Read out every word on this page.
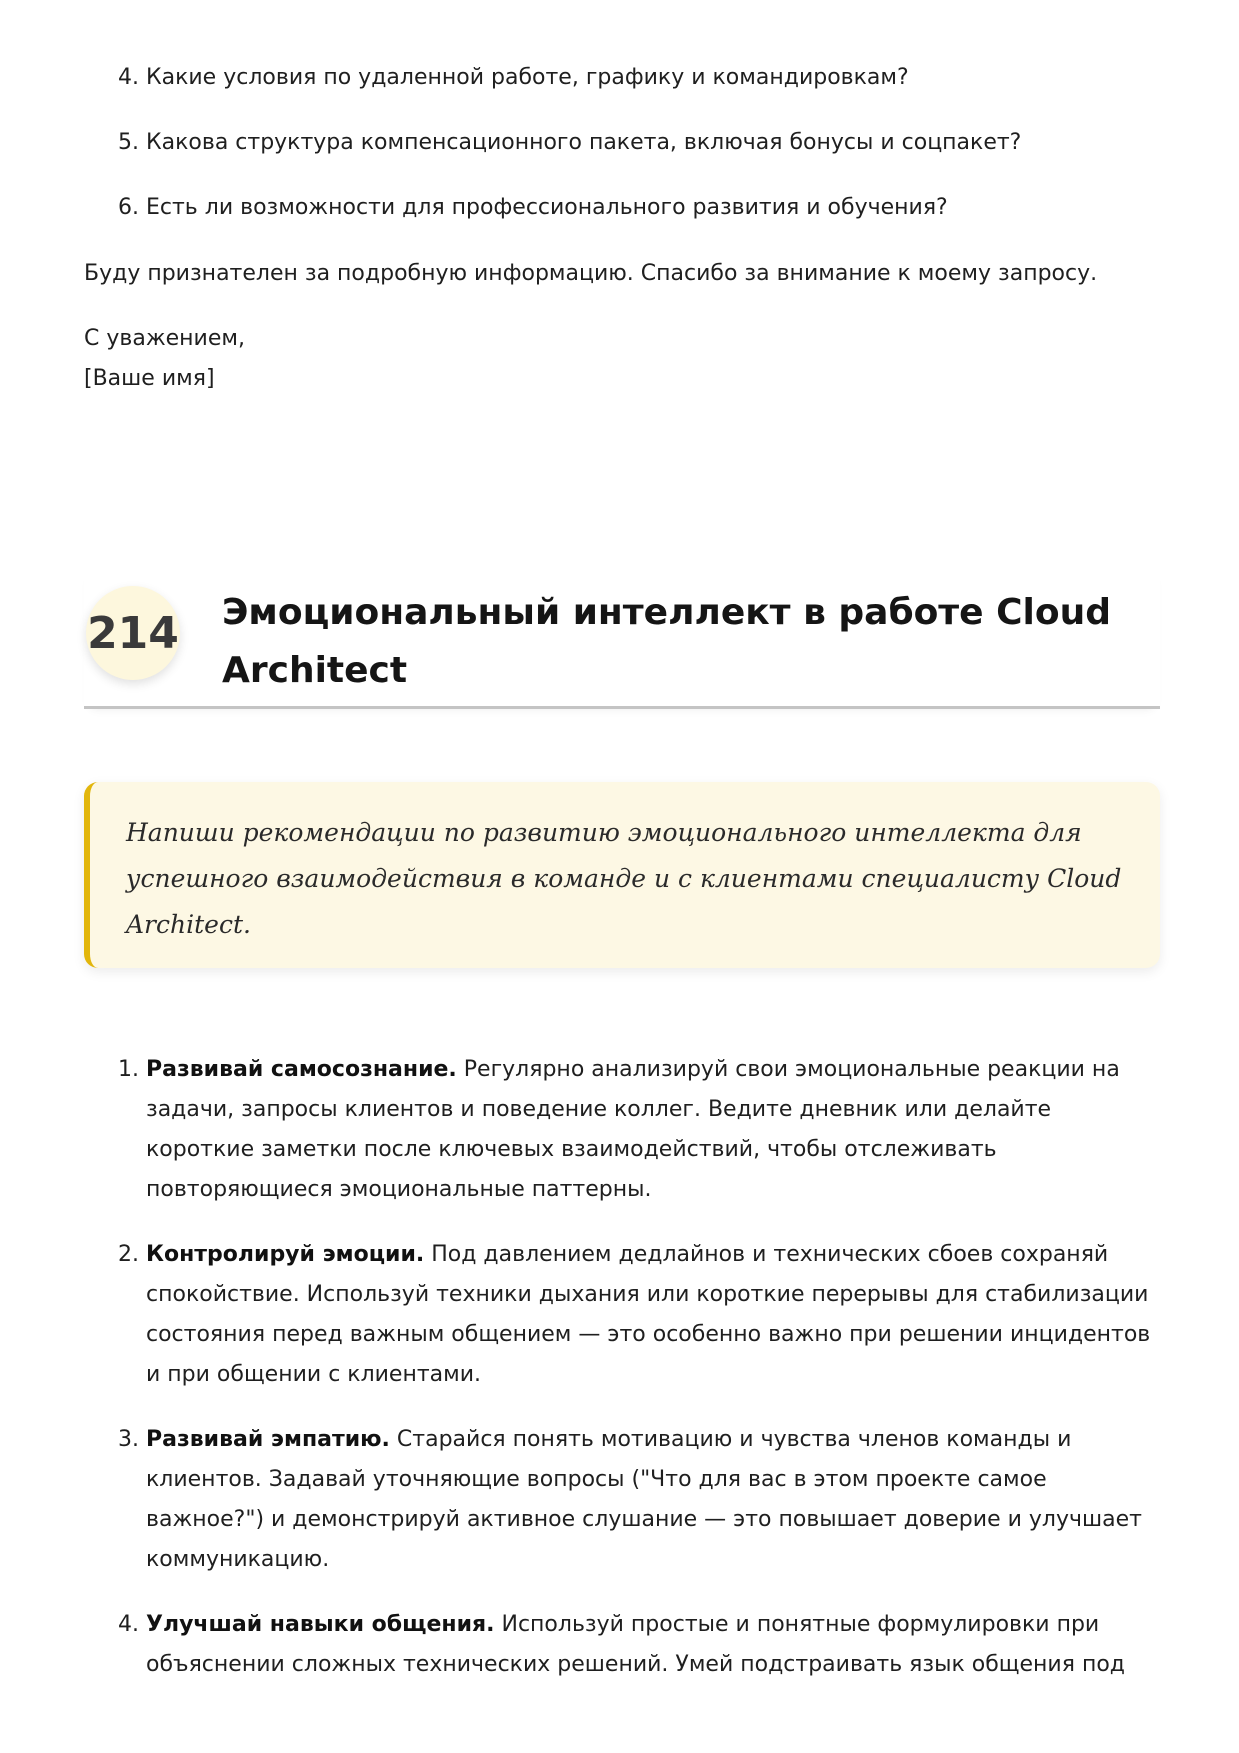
4. Какие условия по удаленной работе, графику и командировкам?
5. Какова структура компенсационного пакета, включая бонусы и соцпакет?
6. Есть ли возможности для профессионального развития и обучения?

Буду признателен за подробную информацию. Спасибо за внимание к моему запросу.

С уважением,

[Ваше имя]

214 Эмоциональный интеллект в работе Cloud Architect

Напиши рекомендации по развитию эмоционального интеллекта для успешного взаимодействия в команде и с клиентами специалисту Cloud Architect.

1. Развивай самосознание. Регулярно анализируй свои эмоциональные реакции на задачи, запросы клиентов и поведение коллег. Ведите дневник или делайте короткие заметки после ключевых взаимодействий, чтобы отслеживать повторяющиеся эмоциональные паттерны.
2. Контролируй эмоции. Под давлением дедлайнов и технических сбоев сохраняй спокойствие. Используй техники дыхания или короткие перерывы для стабилизации состояния перед важным общением — это особенно важно при решении инцидентов и при общении с клиентами.
3. Развивай эмпатию. Старайся понять мотивацию и чувства членов команды и клиентов. Задавай уточняющие вопросы ("Что для вас в этом проекте самое важное?") и демонстрируй активное слушание — это повышает доверие и улучшает коммуникацию.
4. Улучшай навыки общения. Используй простые и понятные формулировки при объяснении сложных технических решений. Умей подстраивать язык общения под
